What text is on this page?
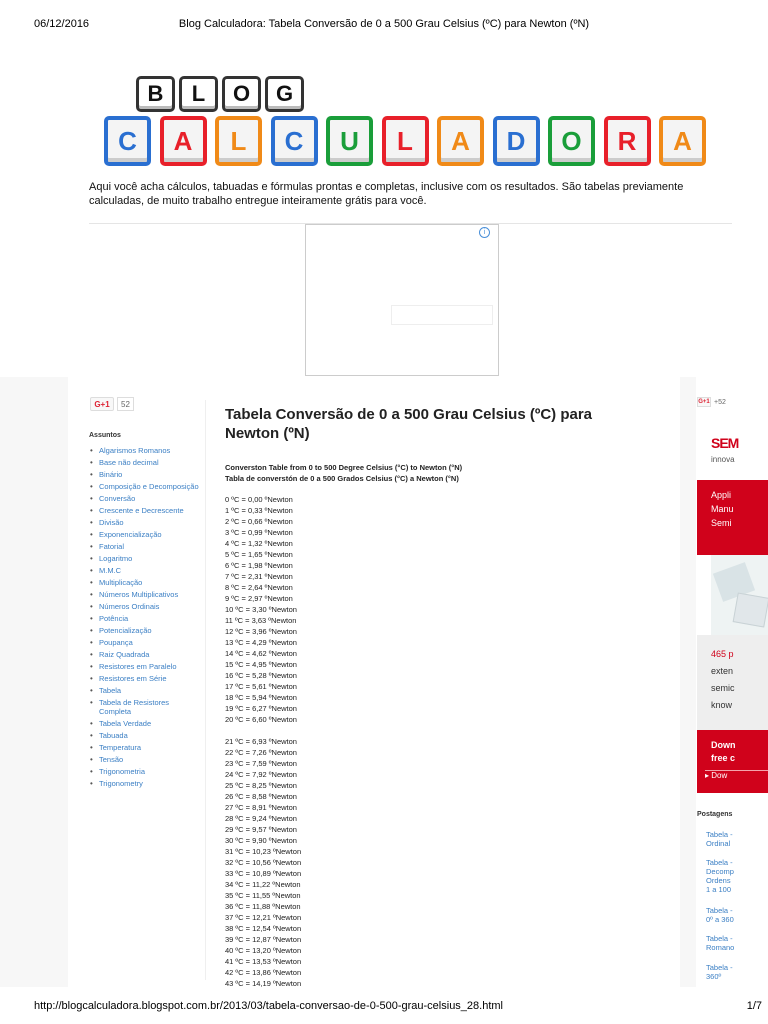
06/12/2016	Blog Calculadora: Tabela Conversão de 0 a 500 Grau Celsius (ºC) para Newton (ºN)
B	L	O	G
C	A	L	C	U	L	A	D	O	R	A
Aqui você acha cálculos, tabuadas e fórmulas prontas e completas, inclusive com os resultados. São tabelas previamente calculadas, de muito trabalho entregue inteiramente grátis para você.
i
G+1	52
Assuntos
• Algarismos Romanos
• Base não decimal
• Binário
• Composição e Decomposição
• Conversão
• Crescente e Decrescente
• Divisão
• Exponencialização
• Fatorial
• Logaritmo
• M.M.C
• Multiplicação
• Números Multiplicativos
• Números Ordinais
• Potência
• Potencialização
• Poupança
• Raiz Quadrada
• Resistores em Paralelo
• Resistores em Série
• Tabela
• Tabela de Resistores Completa
• Tabela Verdade
• Tabuada
• Temperatura
• Tensão
• Trigonometria
• Trigonometry
Tabela Conversão de 0 a 500 Grau Celsius (ºC) para Newton (ºN)
Converston Table from 0 to 500 Degree Celsius (°C) to Newton (°N)
Tabla de converstón de 0 a 500 Grados Celsius (°C) a Newton (°N)
0 ºC = 0,00 ºNewton
1 ºC = 0,33 ºNewton
2 ºC = 0,66 ºNewton
3 ºC = 0,99 ºNewton
4 ºC = 1,32 ºNewton
5 ºC = 1,65 ºNewton
6 ºC = 1,98 ºNewton
7 ºC = 2,31 ºNewton
8 ºC = 2,64 ºNewton
9 ºC = 2,97 ºNewton
10 ºC = 3,30 ºNewton
11 ºC = 3,63 ºNewton
12 ºC = 3,96 ºNewton
13 ºC = 4,29 ºNewton
14 ºC = 4,62 ºNewton
15 ºC = 4,95 ºNewton
16 ºC = 5,28 ºNewton
17 ºC = 5,61 ºNewton
18 ºC = 5,94 ºNewton
19 ºC = 6,27 ºNewton
20 ºC = 6,60 ºNewton
21 ºC = 6,93 ºNewton
22 ºC = 7,26 ºNewton
23 ºC = 7,59 ºNewton
24 ºC = 7,92 ºNewton
25 ºC = 8,25 ºNewton
26 ºC = 8,58 ºNewton
27 ºC = 8,91 ºNewton
28 ºC = 9,24 ºNewton
29 ºC = 9,57 ºNewton
30 ºC = 9,90 ºNewton
31 ºC = 10,23 ºNewton
32 ºC = 10,56 ºNewton
33 ºC = 10,89 ºNewton
34 ºC = 11,22 ºNewton
35 ºC = 11,55 ºNewton
36 ºC = 11,88 ºNewton
37 ºC = 12,21 ºNewton
38 ºC = 12,54 ºNewton
39 ºC = 12,87 ºNewton
40 ºC = 13,20 ºNewton
41 ºC = 13,53 ºNewton
42 ºC = 13,86 ºNewton
43 ºC = 14,19 ºNewton
G+1 +52
SEM
innova
Appli
Manu
Semi
465 p
exten
semic
know
Down
free c
▸ Dow
Postagens
Tabela -
Ordinal
Tabela -
Decomp
Ordens
1 a 100
Tabela -
0º a 360
Tabela -
Romano
Tabela -
360º
http://blogcalculadora.blogspot.com.br/2013/03/tabela-conversao-de-0-500-grau-celsius_28.html	1/7
